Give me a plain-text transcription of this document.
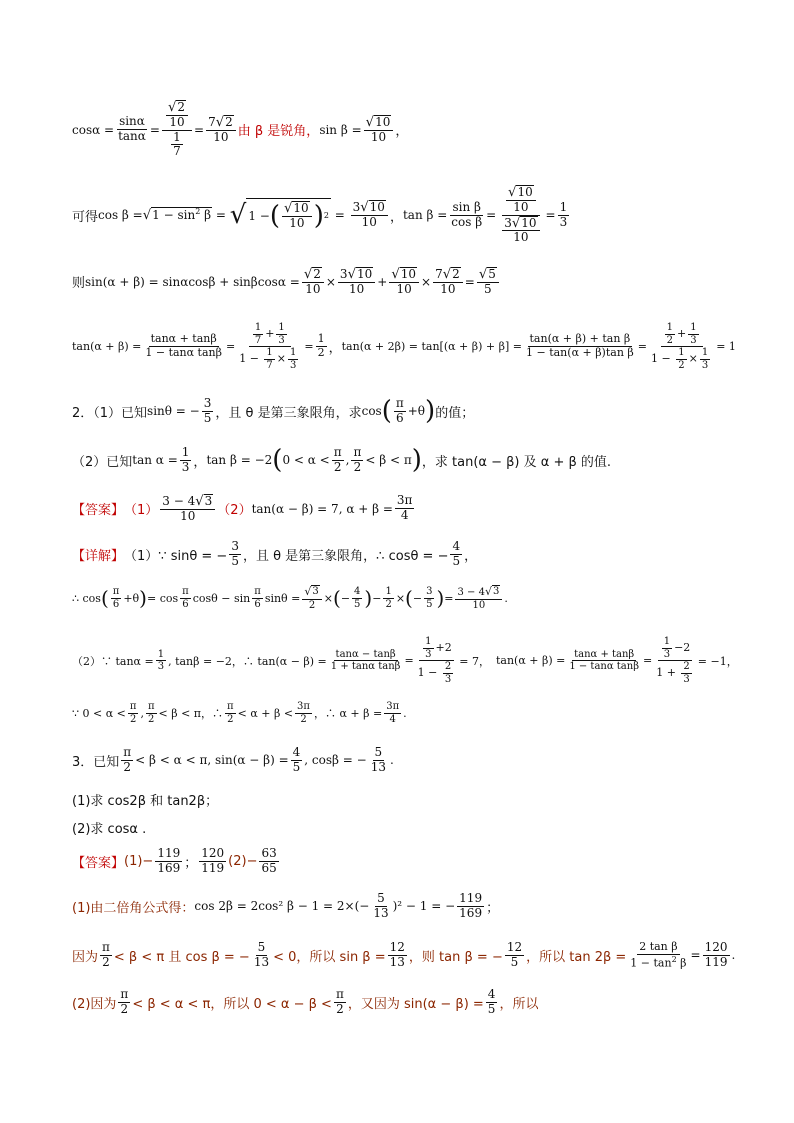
$\cos\alpha = \frac{\sin\alpha}{\tan\alpha} = \frac{\frac{√ 2}{10}}{\frac{1}{7}} = \frac{7 √ 2}{10}$ 由 β 是锐角， $\sin \beta = \frac{√ 10}{10}$ ，
可得 cos β = √ $1 - \sin^2 \beta$ = √ 1 − ( $\frac{√ 10}{10}$ ) $2 = \frac{3 √ 10}{10}$ ， $\tan \beta = \frac{\text{sin β}}{\text{cos β}} = \frac{\frac{√ 10}{10}}{\frac{3 √ 10}{10}} = \frac{1}{3}$
则 $\sin(\alpha + \beta) = \sin\alpha\cos\beta + \sin\beta\cos\alpha = \frac{√ 2}{10} \times \frac{3 √ 10}{10} + \frac{√ 10}{10} \times \frac{7 √ 2}{10} = \frac{√ 5}{5}$
$\tan(\alpha + \beta) = \frac{\tan\alpha + \tan\beta}{\text{1 − tanα tanβ}} = \frac{\frac{1}{7} + \frac{1}{3}}{1 - \frac{1}{7} \times \frac{1}{3}} = \frac{1}{2}$ ， $\tan(\alpha + 2\beta) = \tan[(\alpha + \beta) + \beta] = \frac{\text{tan(α + β) + tan β}}{\text{1 − tan(α + β)tan β}} = \frac{\frac{1}{2} + \frac{1}{3}}{1 - \frac{1}{2} \times \frac{1}{3}} = 1$
2．（1）已知 sinθ = − $\frac{3}{5}$ ，且 θ 是第三象限角，求 cos ( $\frac{\pi}{6} +\theta$ ) 的值；
（2）已知 $\tan \alpha = \frac{1}{3}$ ， tan β = −2 ( $0 < \alpha < \frac{\pi}{2}$ , $\frac{\pi}{2} < \beta < \pi$ ) ，求 tan(α − β) 及 α + β 的值.
【答案】 $(1) \frac{3 - 4 √ 3}{10} (2) \tan(\alpha - \beta) = 7$, $\alpha + \beta = \frac{3\pi}{4}$
【详解】 （1）∵ sinθ = − $\frac{3}{5}$ ，且 θ 是第三象限角，∴ cosθ = − $\frac{4}{5}$ ，
∴ cos ( $\frac{\pi}{6} +\theta$ ) = $\cos \frac{\pi}{6}$ $\cos\theta - \sin \frac{\pi}{6}$ $\sin\theta = \frac{√ 3}{2}$ × ( − $\frac{4}{5}$ ) − $\frac{1}{2}$ × ( − $\frac{3}{5}$ ) = $\frac{3 - 4 √ 3}{10}$ .
（2）∵ $\tan\alpha = \frac{1}{3}$ , tanβ = −2，∴ $\tan(\alpha - \beta) = \frac{\tan\alpha - \tan\beta}{\text{1 + tanα tanβ}} = \frac{\frac{1}{3} +2}{1 - \frac{2}{3}} = 7$， $\tan(\alpha + \beta) = \frac{\tan\alpha + \tan\beta}{\text{1 − tanα tanβ}} = \frac{\frac{1}{3} -2}{1 + \frac{2}{3}} = -1$，
∵ $0 < \alpha < \frac{\pi}{2}$ , $\frac{\pi}{2} < \beta < \pi$，∴ $\frac{\pi}{2} < \alpha + \beta < \frac{3\pi}{2}$ ，∴ $\alpha + \beta = \frac{3\pi}{4}$ .
3．已知 $\frac{\pi}{2} < \beta < \alpha < \pi$, $\sin(\alpha - \beta) = \frac{4}{5}$ , cosβ = − $\frac{5}{13}$ .
(1)求 cos2β 和 tan2β；
(2)求 cosα .
【答案】 $(1)- \frac{119}{169}$ ； $\frac{120}{119} (2)- \frac{63}{65}$
(1)由二倍角公式得： cos 2β = 2cos² $\beta - 1 = 2\times(- \frac{5}{13} )^2 - 1$ = − $\frac{119}{169}$ ；
因为 $\frac{\pi}{2} < \beta < \pi$ 且 cos β = − $\frac{5}{13} < 0$，所以 $\sin \beta = \frac{12}{13}$ ，则 tan β = − $\frac{12}{5}$ ，所以 $\tan 2\beta = \frac{\text{2 tan β}}{1 - \tan^2 \beta} = \frac{120}{119}$ .
(2)因为 $\frac{\pi}{2} < \beta < \alpha < \pi$，所以 $0 < \alpha - \beta < \frac{\pi}{2}$ ，又因为 $\sin(\alpha - \beta) = \frac{4}{5}$ ，所以
